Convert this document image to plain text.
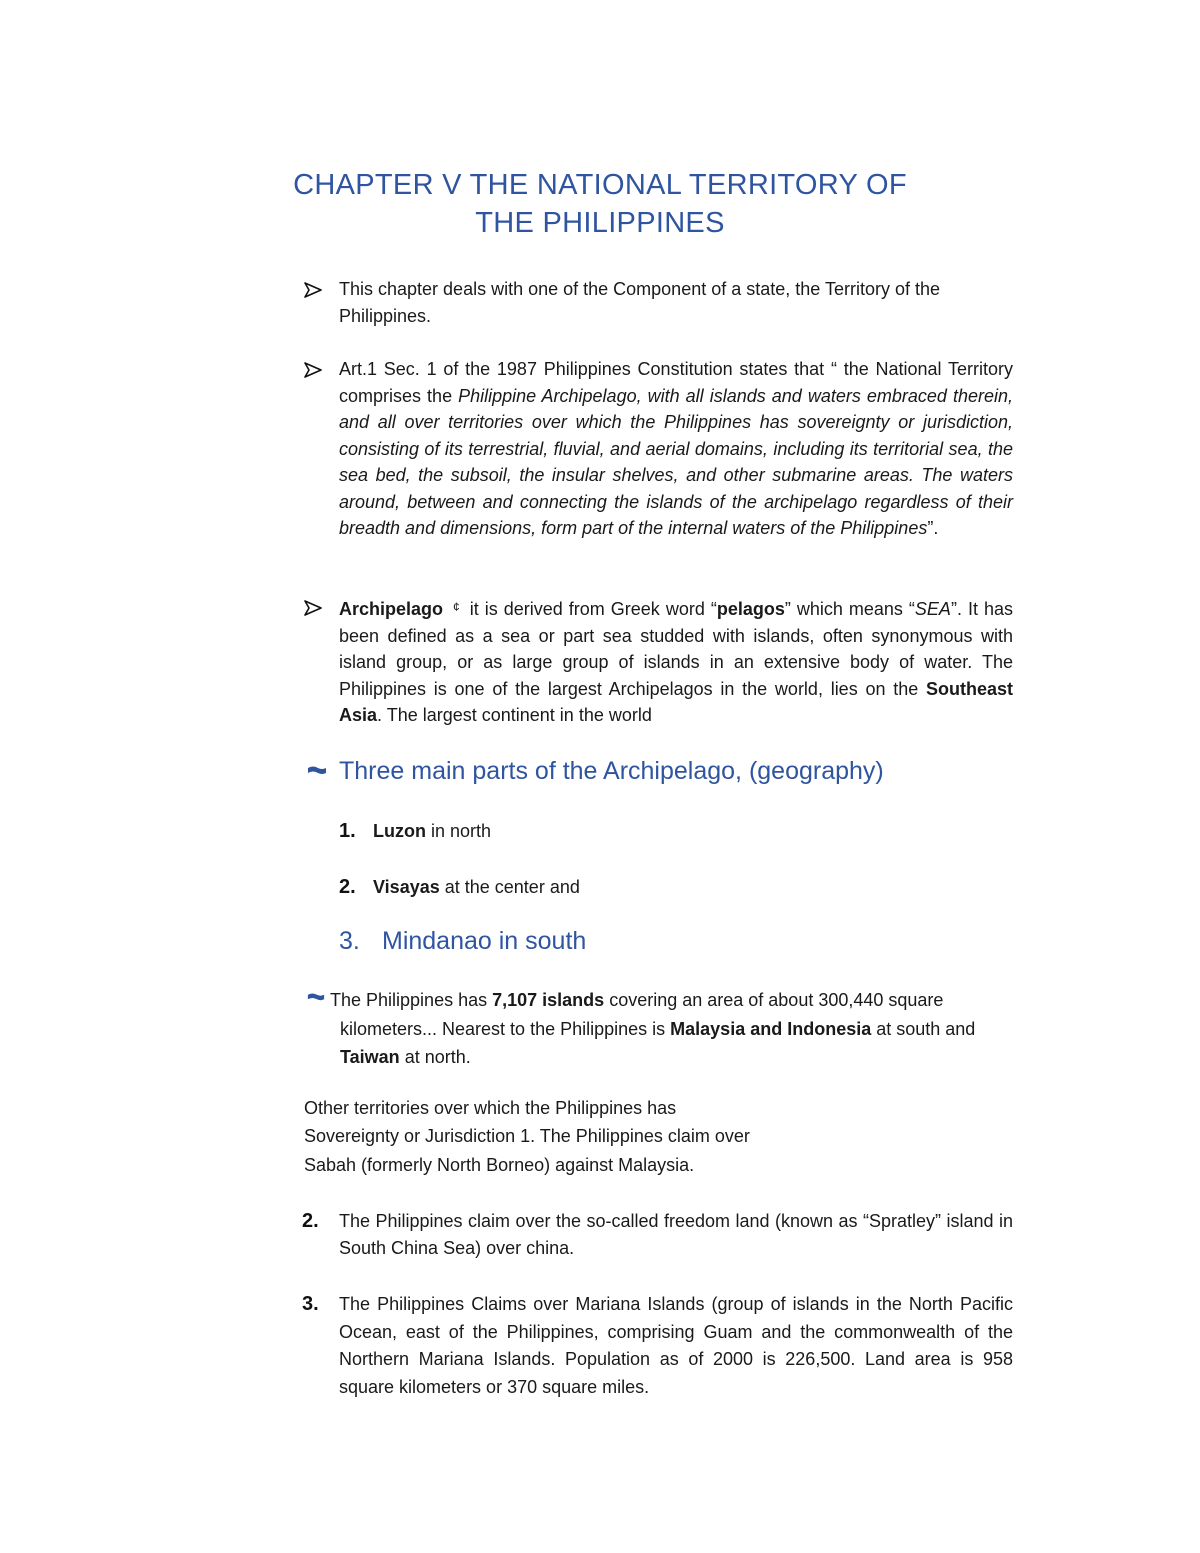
CHAPTER V THE NATIONAL TERRITORY OF
THE PHILIPPINES

This chapter deals with one of the Component of a state, the Territory of the Philippines.

Art.1 Sec. 1 of the 1987 Philippines Constitution states that “ the National Territory comprises the Philippine Archipelago, with all islands and waters embraced therein, and all over territories over which the Philippines has sovereignty or jurisdiction, consisting of its terrestrial, fluvial, and aerial domains, including its territorial sea, the sea bed, the subsoil, the insular shelves, and other submarine areas. The waters around, between and connecting the islands of the archipelago regardless of their breadth and dimensions, form part of the internal waters of the Philippines”.

Archipelago ¢ it is derived from Greek word “pelagos” which means “SEA”. It has been defined as a sea or part sea studded with islands, often synonymous with island group, or as large group of islands in an extensive body of water. The Philippines is one of the largest Archipelagos in the world, lies on the Southeast Asia. The largest continent in the world

Three main parts of the Archipelago, (geography)
1. Luzon in north
2. Visayas at the center and
3. Mindanao in south
The Philippines has 7,107 islands covering an area of about 300,440 square kilometers... Nearest to the Philippines is Malaysia and Indonesia at south and Taiwan at north.
Other territories over which the Philippines has
Sovereignty or Jurisdiction 1. The Philippines claim over
Sabah (formerly North Borneo) against Malaysia.
2. The Philippines claim over the so-called freedom land (known as “Spratley” island in South China Sea) over china.

3. The Philippines Claims over Mariana Islands (group of islands in the North Pacific Ocean, east of the Philippines, comprising Guam and the commonwealth of the Northern Mariana Islands. Population as of 2000 is 226,500. Land area is 958 square kilometers or 370 square miles.
